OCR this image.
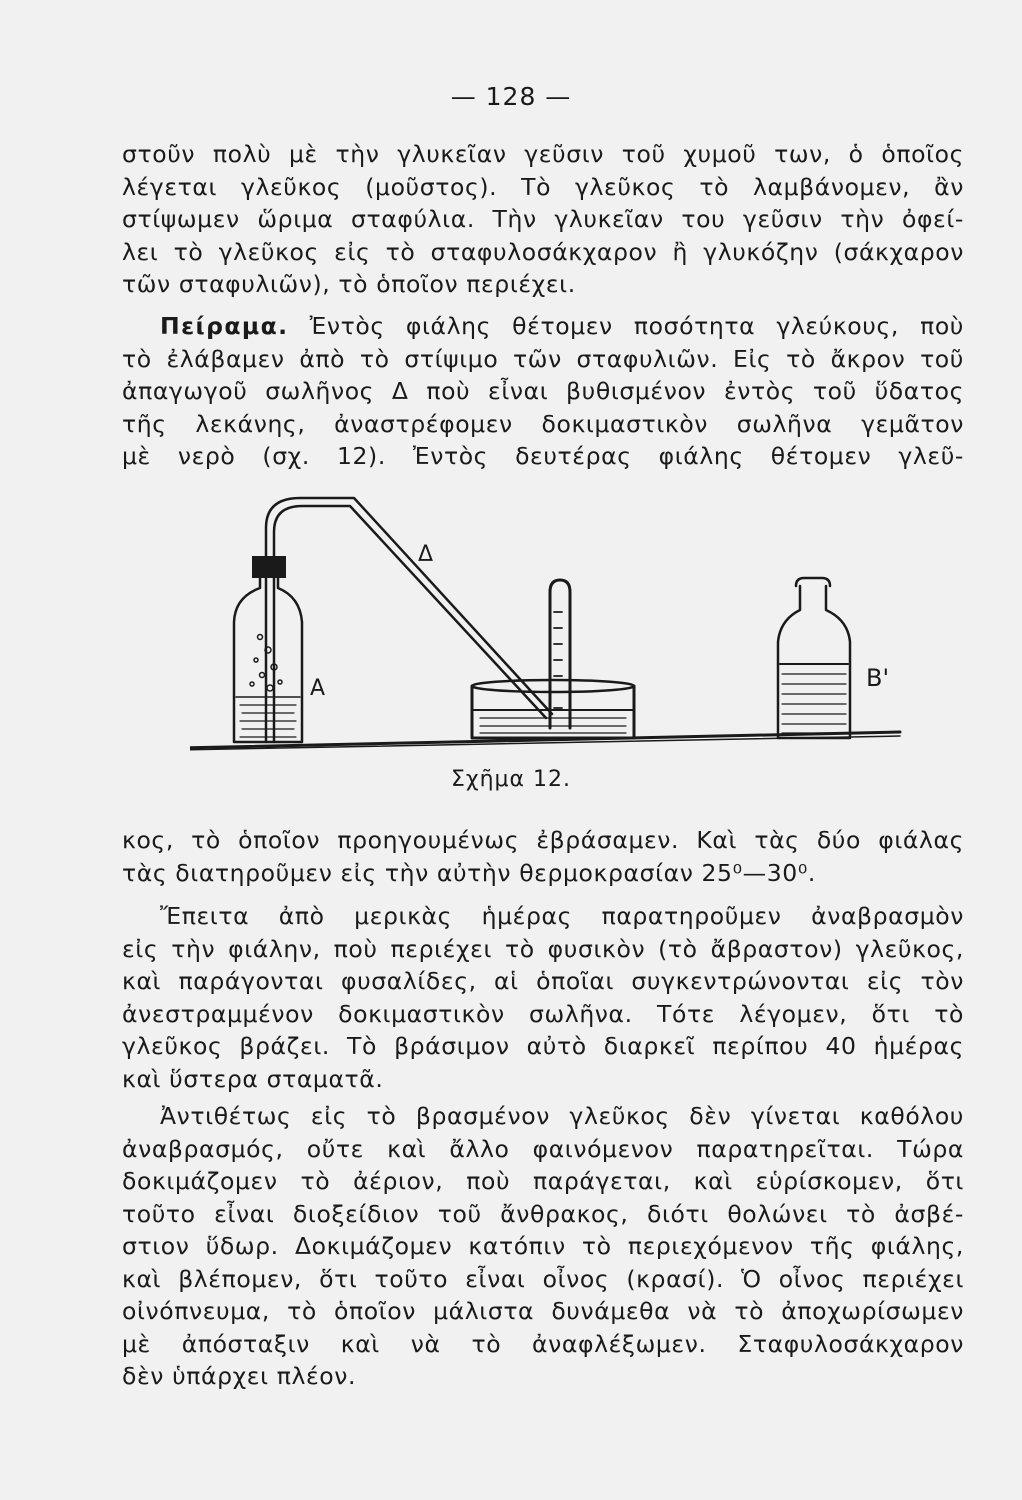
— 128 —
στοῦν πολὺ μὲ τὴν γλυκεῖαν γεῦσιν τοῦ χυμοῦ των, ὁ ὁποῖος
λέγεται γλεῦκος (μοῦστος). Τὸ γλεῦκος τὸ λαμβάνομεν, ἂν
στίψωμεν ὥριμα σταφύλια. Τὴν γλυκεῖαν του γεῦσιν τὴν ὀφεί-
λει τὸ γλεῦκος εἰς τὸ σταφυλοσάκχαρον ἢ γλυκόζην (σάκχαρον
τῶν σταφυλιῶν), τὸ ὁποῖον περιέχει.
Πείραμα. Ἐντὸς φιάλης θέτομεν ποσότητα γλεύκους, ποὺ
τὸ ἐλάβαμεν ἀπὸ τὸ στίψιμο τῶν σταφυλιῶν. Εἰς τὸ ἄκρον τοῦ
ἀπαγωγοῦ σωλῆνος Δ ποὺ εἶναι βυθισμένον ἐντὸς τοῦ ὕδατος
τῆς λεκάνης, ἀναστρέφομεν δοκιμαστικὸν σωλῆνα γεμᾶτον
μὲ νερὸ (σχ. 12). Ἐντὸς δευτέρας φιάλης θέτομεν γλεῦ-
A
Δ
B'
Σχῆμα 12.
κος, τὸ ὁποῖον προηγουμένως ἐβράσαμεν. Καὶ τὰς δύο φιάλας
τὰς διατηροῦμεν εἰς τὴν αὐτὴν θερμοκρασίαν 25⁰—30⁰.
Ἔπειτα ἀπὸ μερικὰς ἡμέρας παρατηροῦμεν ἀναβρασμὸν
εἰς τὴν φιάλην, ποὺ περιέχει τὸ φυσικὸν (τὸ ἄβραστον) γλεῦκος,
καὶ παράγονται φυσαλίδες, αἱ ὁποῖαι συγκεντρώνονται εἰς τὸν
ἀνεστραμμένον δοκιμαστικὸν σωλῆνα. Τότε λέγομεν, ὅτι τὸ
γλεῦκος βράζει. Τὸ βράσιμον αὐτὸ διαρκεῖ περίπου 40 ἡμέρας
καὶ ὕστερα σταματᾶ.
Ἀντιθέτως εἰς τὸ βρασμένον γλεῦκος δὲν γίνεται καθόλου
ἀναβρασμός, οὔτε καὶ ἄλλο φαινόμενον παρατηρεῖται. Τώρα
δοκιμάζομεν τὸ ἀέριον, ποὺ παράγεται, καὶ εὑρίσκομεν, ὅτι
τοῦτο εἶναι διοξείδιον τοῦ ἄνθρακος, διότι θολώνει τὸ ἀσβέ-
στιον ὕδωρ. Δοκιμάζομεν κατόπιν τὸ περιεχόμενον τῆς φιάλης,
καὶ βλέπομεν, ὅτι τοῦτο εἶναι οἶνος (κρασί). Ὁ οἶνος περιέχει
οἰνόπνευμα, τὸ ὁποῖον μάλιστα δυνάμεθα νὰ τὸ ἀποχωρίσωμεν
μὲ ἀπόσταξιν καὶ νὰ τὸ ἀναφλέξωμεν. Σταφυλοσάκχαρον
δὲν ὑπάρχει πλέον.
